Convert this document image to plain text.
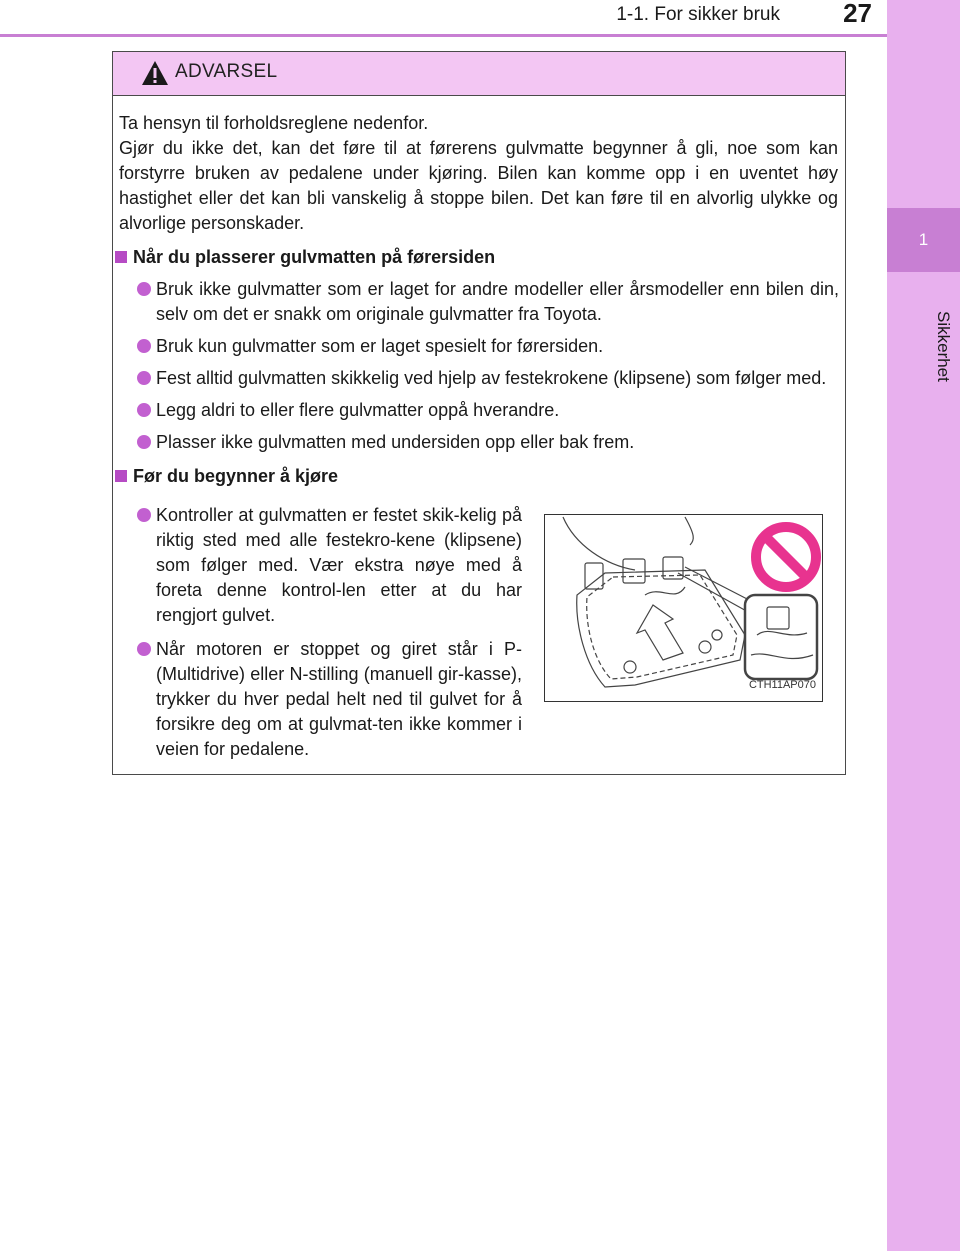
1
Sikkerhet
1-1. For sikker bruk	27
ADVARSEL
Ta hensyn til forholdsreglene nedenfor.
Gjør du ikke det, kan det føre til at førerens gulvmatte begynner å gli, noe som kan forstyrre bruken av pedalene under kjøring. Bilen kan komme opp i en uventet høy hastighet eller det kan bli vanskelig å stoppe bilen. Det kan føre til en alvorlig ulykke og alvorlige personskader.
Når du plasserer gulvmatten på førersiden
Bruk ikke gulvmatter som er laget for andre modeller eller årsmodeller enn bilen din, selv om det er snakk om originale gulvmatter fra Toyota.
Bruk kun gulvmatter som er laget spesielt for førersiden.
Fest alltid gulvmatten skikkelig ved hjelp av festekrokene (klipsene) som følger med.
Legg aldri to eller flere gulvmatter oppå hverandre.
Plasser ikke gulvmatten med undersiden opp eller bak frem.
Før du begynner å kjøre
Kontroller at gulvmatten er festet skik-kelig på riktig sted med alle festekro-kene (klipsene) som følger med. Vær ekstra nøye med å foreta denne kontrol-len etter at du har rengjort gulvet.
Når motoren er stoppet og giret står i P-(Multidrive) eller N-stilling (manuell gir-kasse), trykker du hver pedal helt ned til gulvet for å forsikre deg om at gulvmat-ten ikke kommer i veien for pedalene.
CTH11AP070
